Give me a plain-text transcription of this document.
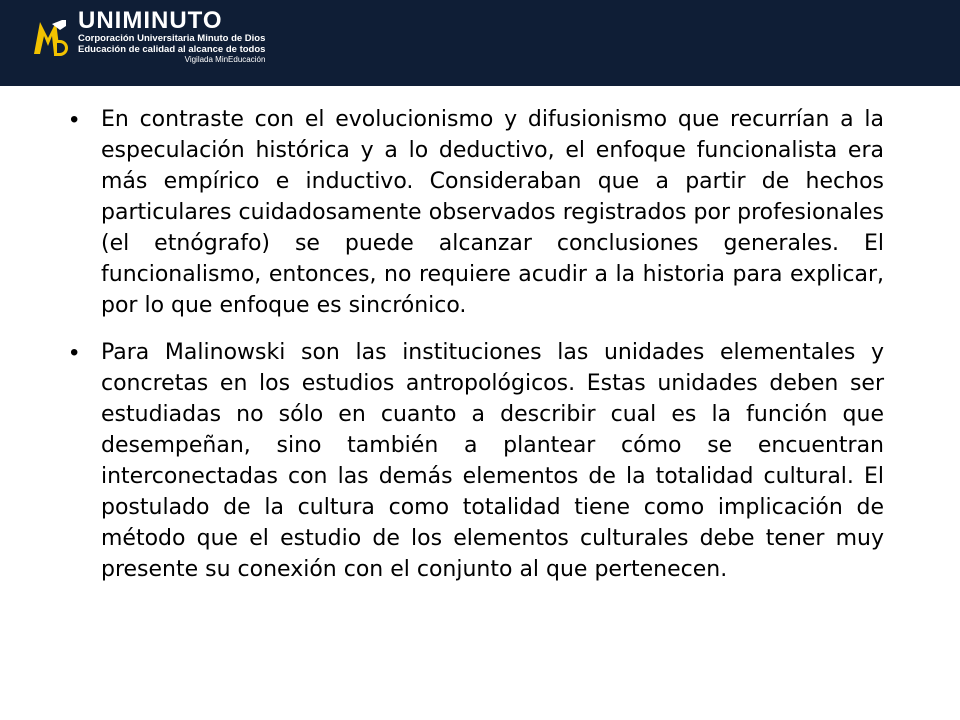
UNIMINUTO
Corporación Universitaria Minuto de Dios
Educación de calidad al alcance de todos
Vigilada MinEducación
•	En contraste con el evolucionismo y difusionismo que recurrían a la especulación histórica y a lo deductivo, el enfoque funcionalista era más empírico e inductivo. Consideraban que a partir de hechos particulares cuidadosamente observados registrados por profesionales (el etnógrafo) se puede alcanzar conclusiones generales. El funcionalismo, entonces, no requiere acudir a la historia para explicar, por lo que enfoque es sincrónico.
•	Para Malinowski son las instituciones las unidades elementales y concretas en los estudios antropológicos. Estas unidades deben ser estudiadas no sólo en cuanto a describir cual es la función que desempeñan, sino también a plantear cómo se encuentran interconectadas con las demás elementos de la totalidad cultural. El postulado de la cultura como totalidad tiene como implicación de método que el estudio de los elementos culturales debe tener muy presente su conexión con el conjunto al que pertenecen.
